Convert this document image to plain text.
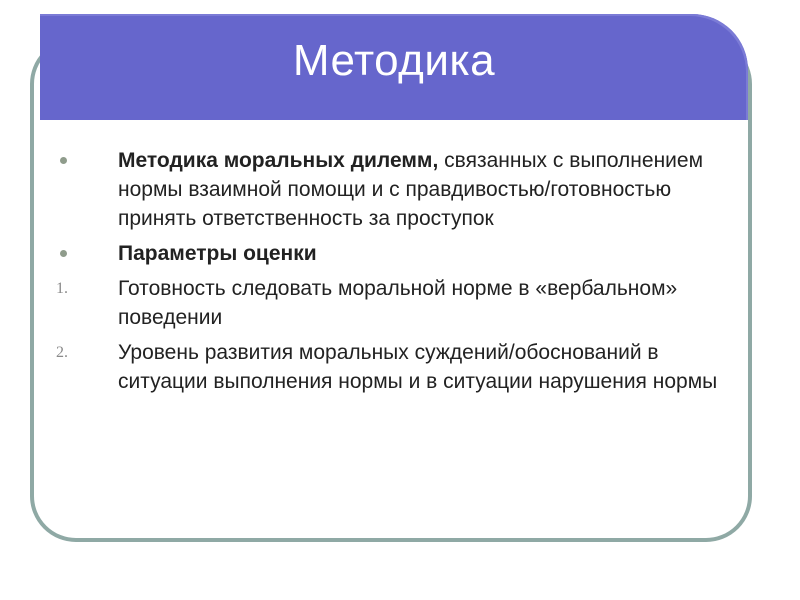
Методика
Методика моральных дилемм, связанных с выполнением нормы взаимной помощи и с правдивостью/готовностью принять ответственность за проступок
Параметры оценки
1. Готовность следовать моральной норме в «вербальном» поведении
2. Уровень развития моральных суждений/обоснований в ситуации выполнения нормы и в ситуации нарушения нормы
